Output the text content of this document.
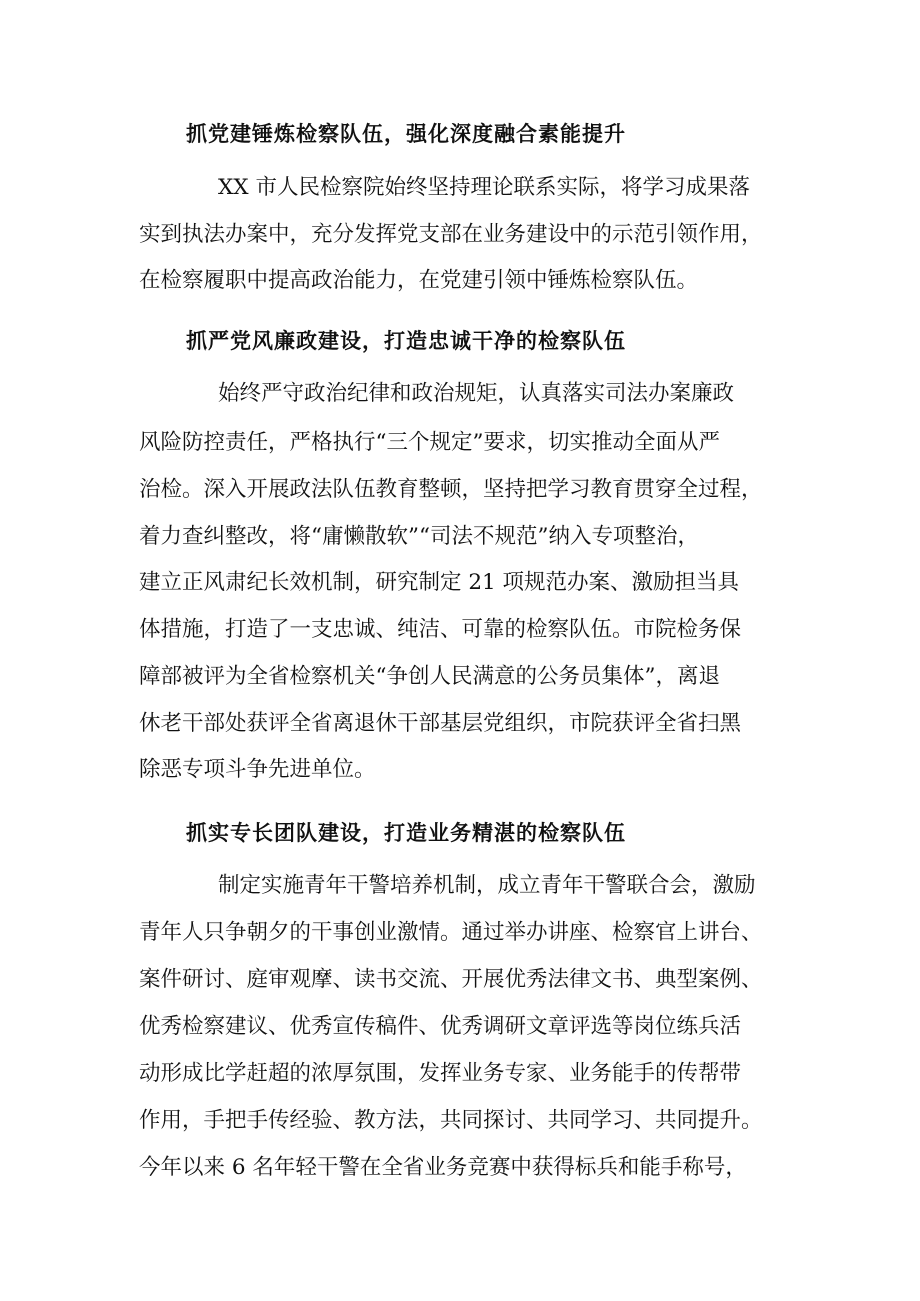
抓党建锤炼检察队伍，强化深度融合素能提升

XX 市人民检察院始终坚持理论联系实际，将学习成果落

实到执法办案中，充分发挥党支部在业务建设中的示范引领作用，

在检察履职中提高政治能力，在党建引领中锤炼检察队伍。

抓严党风廉政建设，打造忠诚干净的检察队伍

始终严守政治纪律和政治规矩，认真落实司法办案廉政

风险防控责任，严格执行“三个规定”要求，切实推动全面从严

治检。深入开展政法队伍教育整顿，坚持把学习教育贯穿全过程，

着力查纠整改，将“庸懒散软”“司法不规范”纳入专项整治，

建立正风肃纪长效机制，研究制定 21 项规范办案、激励担当具

体措施，打造了一支忠诚、纯洁、可靠的检察队伍。市院检务保

障部被评为全省检察机关“争创人民满意的公务员集体”，离退

休老干部处获评全省离退休干部基层党组织，市院获评全省扫黑

除恶专项斗争先进单位。

抓实专长团队建设，打造业务精湛的检察队伍

制定实施青年干警培养机制，成立青年干警联合会，激励

青年人只争朝夕的干事创业激情。通过举办讲座、检察官上讲台、

案件研讨、庭审观摩、读书交流、开展优秀法律文书、典型案例、

优秀检察建议、优秀宣传稿件、优秀调研文章评选等岗位练兵活

动形成比学赶超的浓厚氛围，发挥业务专家、业务能手的传帮带

作用，手把手传经验、教方法，共同探讨、共同学习、共同提升。

今年以来 6 名年轻干警在全省业务竞赛中获得标兵和能手称号，
